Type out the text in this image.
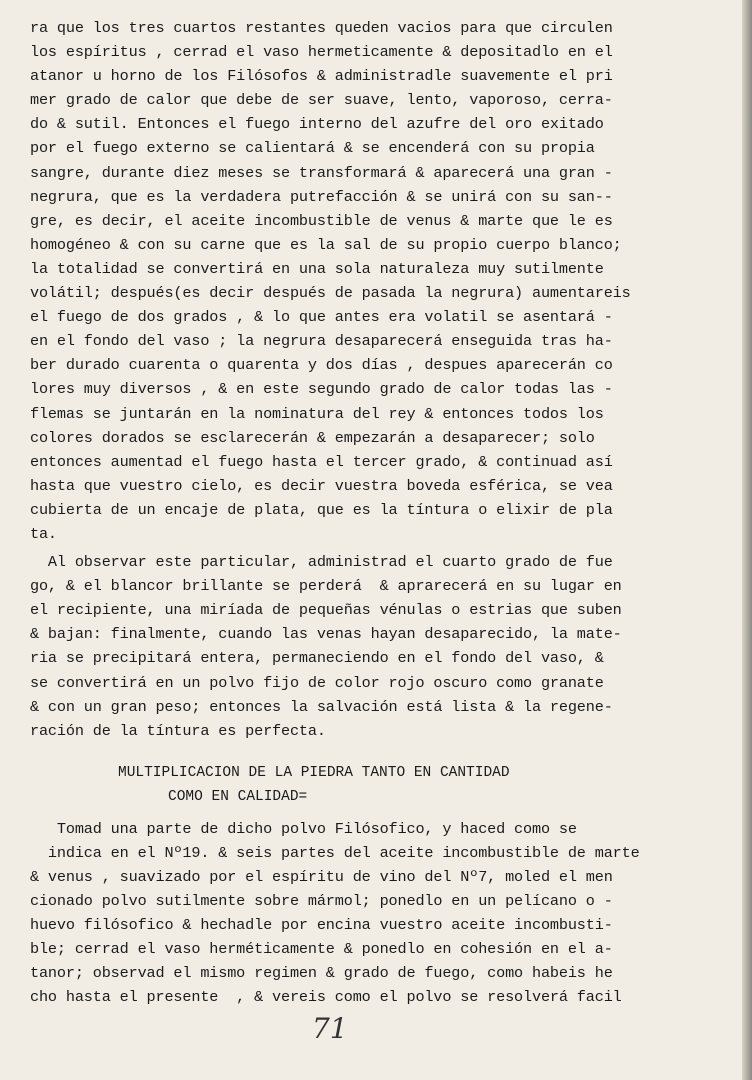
ra que los tres cuartos restantes queden vacios para que circulen
los espíritus , cerrad el vaso hermeticamente & depositadlo en el
atanor u horno de los Filósofos & administradle suavemente el pri
mer grado de calor que debe de ser suave, lento, vaporoso, cerra-
do & sutil. Entonces el fuego interno del azufre del oro exitado
por el fuego externo se calientará & se encenderá con su propia
sangre, durante diez meses se transformará & aparecerá una gran -
negrura, que es la verdadera putrefacción & se unirá con su san--
gre, es decir, el aceite incombustible de venus & marte que le es
homogéneo & con su carne que es la sal de su propio cuerpo blanco;
la totalidad se convertirá en una sola naturaleza muy sutilmente
volátil; después(es decir después de pasada la negrura) aumentareis
el fuego de dos grados , & lo que antes era volatil se asentará -
en el fondo del vaso ; la negrura desaparecerá enseguida tras ha-
ber durado cuarenta o quarenta y dos días , despues aparecerán co
lores muy diversos , & en este segundo grado de calor todas las -
flemas se juntarán en la nominatura del rey & entonces todos los
colores dorados se esclarecerán & empezarán a desaparecer; solo
entonces aumentad el fuego hasta el tercer grado, & continuad así
hasta que vuestro cielo, es decir vuestra boveda esférica, se vea
cubierta de un encaje de plata, que es la tíntura o elixir de pla
ta.
Al observar este particular, administrad el cuarto grado de fue
go, & el blancor brillante se perderá  & aprarecerá en su lugar en
el recipiente, una miríada de pequeñas vénulas o estrias que suben
& bajan: finalmente, cuando las venas hayan desaparecido, la mate-
ria se precipitará entera, permaneciendo en el fondo del vaso, &
se convertirá en un polvo fijo de color rojo oscuro como granate
& con un gran peso; entonces la salvación está lista & la regene-
ración de la tíntura es perfecta.
MULTIPLICACION DE LA PIEDRA TANTO EN CANTIDAD
COMO EN CALIDAD=
Tomad una parte de dicho polvo Filósofico, y haced como se
indica en el Nº19. & seis partes del aceite incombustible de marte
& venus , suavizado por el espíritu de vino del Nº7, moled el men
cionado polvo sutilmente sobre mármol; ponedlo en un pelícano o -
huevo filósofico & hechadle por encina vuestro aceite incombusti-
ble; cerrad el vaso herméticamente & ponedlo en cohesión en el a-
tanor; observad el mismo regimen & grado de fuego, como habeis he
cho hasta el presente  , & vereis como el polvo se resolverá facil
71
